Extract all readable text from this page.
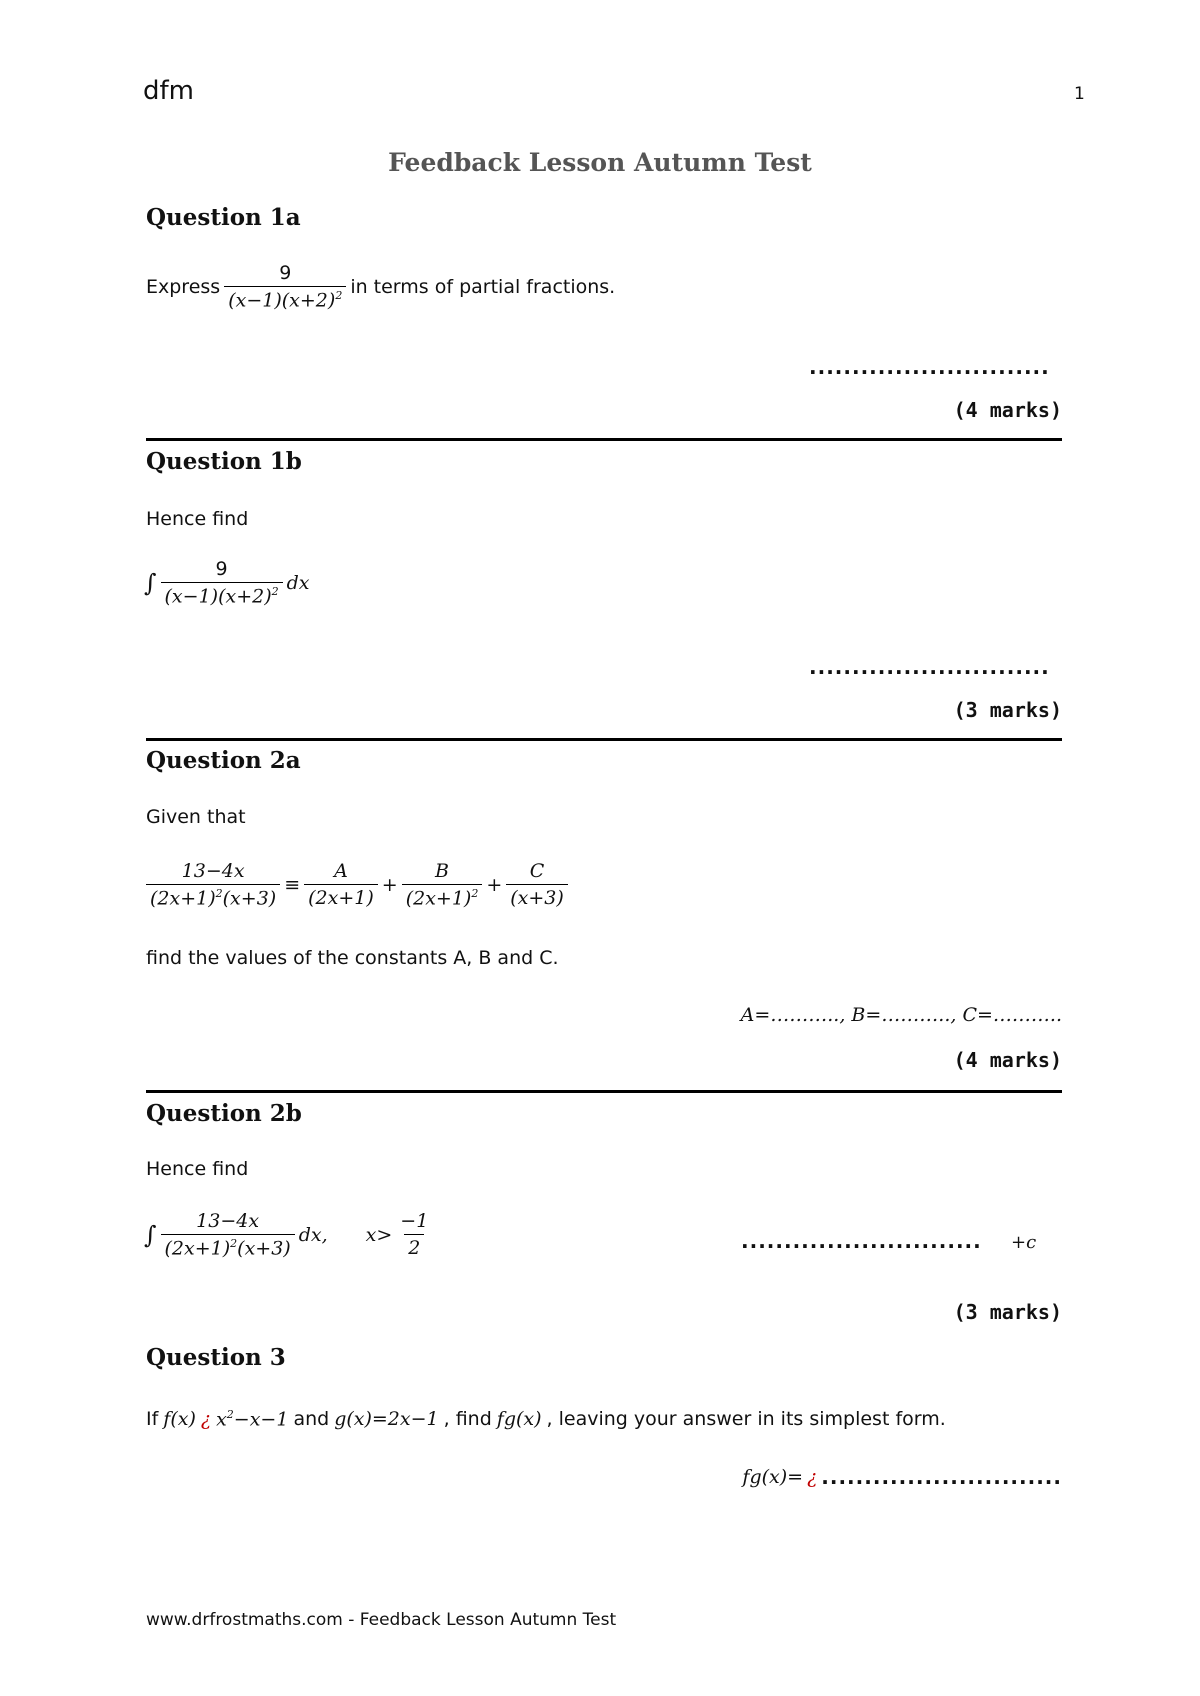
dfm	1
Feedback Lesson Autumn Test
Question 1a
Express $\frac{9}{(x-1)(x+2)^2}$ in terms of partial fractions.
............................
(4 marks)
Question 1b
Hence find
∫ $\frac{9}{(x-1)(x+2)^2}$ dx
............................
(3 marks)
Question 2a
Given that
$\frac{13-4x}{(2x+1)^2(x+3)} \equiv \frac{A}{(2x+1)} + \frac{B}{(2x+1)^2} + \frac{C}{(x+3)}$
find the values of the constants A, B and C.
A=……….., B=……….., C=………..
(4 marks)
Question 2b
Hence find
∫ $\frac{13-4x}{(2x+1)^2(x+3)}$ dx, $x> \frac{-1}{2}$	............................ +c
(3 marks)
Question 3
If f(x) ¿ $x^2-x-1$ and g(x)=2x−1 , find fg(x) , leaving your answer in its simplest form.
fg(x)= ¿ ............................
www.drfrostmaths.com - Feedback Lesson Autumn Test
